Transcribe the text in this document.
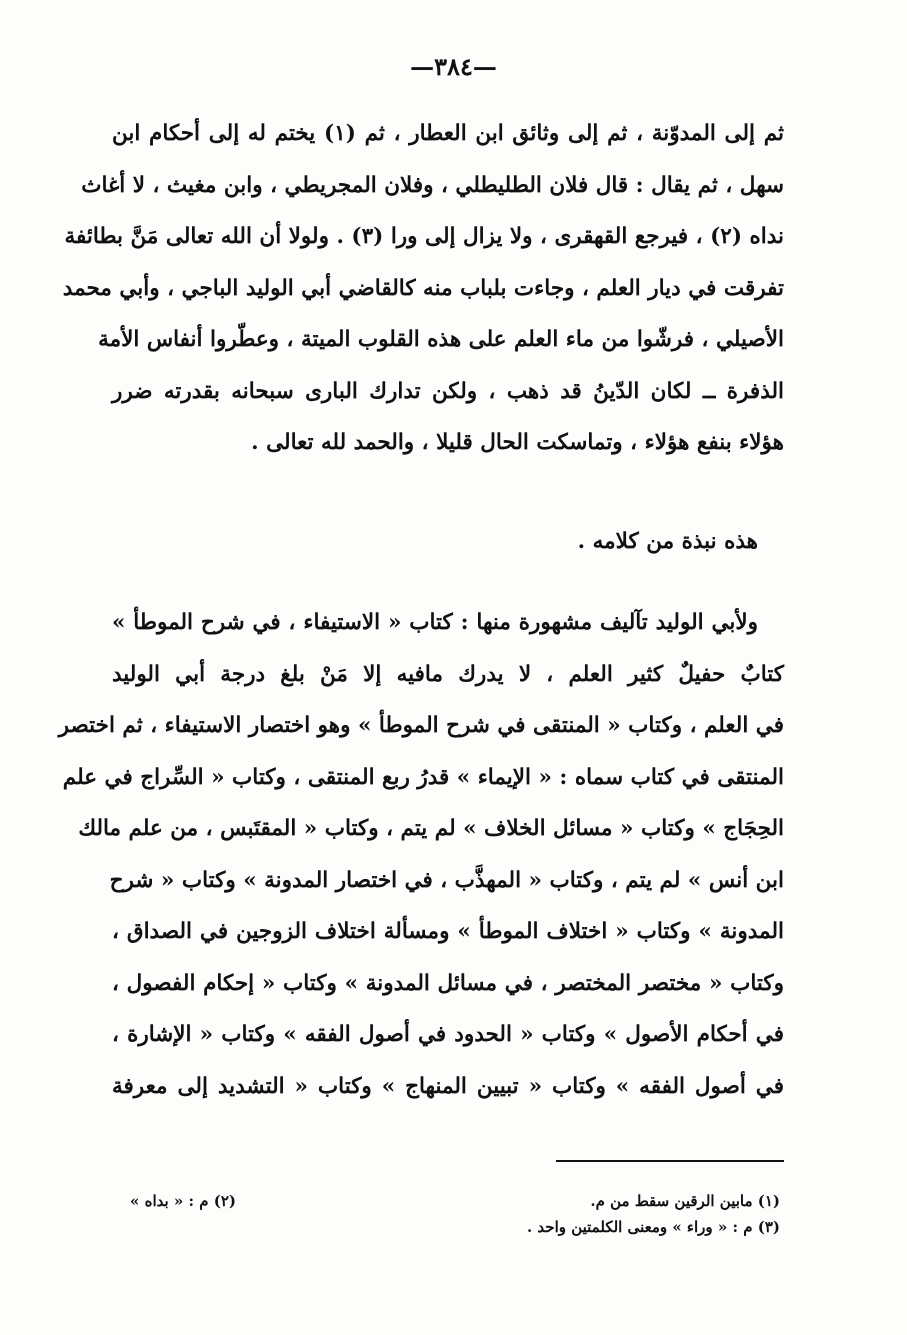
—٣٨٤—
ثم إلى المدوّنة ، ثم إلى وثائق ابن العطار ، ثم (١) يختم له إلى أحكام ابن
سهل ، ثم يقال : قال فلان الطليطلي ، وفلان المجريطي ، وابن مغيث ، لا أغاث
نداه (٢) ، فيرجع القهقرى ، ولا يزال إلى ورا (٣) . ولولا أن الله تعالى مَنَّ بطائفة
تفرقت في ديار العلم ، وجاءت بلباب منه كالقاضي أبي الوليد الباجي ، وأبي محمد
الأصيلي ، فرشّوا من ماء العلم على هذه القلوب الميتة ، وعطّروا أنفاس الأمة
الذفرة ــ لكان الدّينُ قد ذهب ، ولكن تدارك البارى سبحانه بقدرته ضرر
هؤلاء بنفع هؤلاء ، وتماسكت الحال قليلا ، والحمد لله تعالى .
هذه نبذة من كلامه .
ولأبي الوليد تآليف مشهورة منها : كتاب « الاستيفاء ، في شرح الموطأ »
كتابٌ حفيلٌ كثير العلم ، لا يدرك مافيه إلا مَنْ بلغ درجة أبي الوليد
في العلم ، وكتاب « المنتقى في شرح الموطأ » وهو اختصار الاستيفاء ، ثم اختصر
المنتقى في كتاب سماه : « الإيماء » قدرُ ربع المنتقى ، وكتاب « السِّراج في علم
الحِجَاج » وكتاب « مسائل الخلاف » لم يتم ، وكتاب « المقتَبس ، من علم مالك
ابن أنس » لم يتم ، وكتاب « المهذَّب ، في اختصار المدونة » وكتاب « شرح
المدونة » وكتاب « اختلاف الموطأ » ومسألة اختلاف الزوجين في الصداق ،
وكتاب « مختصر المختصر ، في مسائل المدونة » وكتاب « إحكام الفصول ،
في أحكام الأصول » وكتاب « الحدود في أصول الفقه » وكتاب « الإشارة ،
في أصول الفقه » وكتاب « تبيين المنهاج » وكتاب « التشديد إلى معرفة
(١) مابين الرقين سقط من م.
(٢) م : « بداه »
(٣) م : « وراء » ومعنى الكلمتين واحد .
